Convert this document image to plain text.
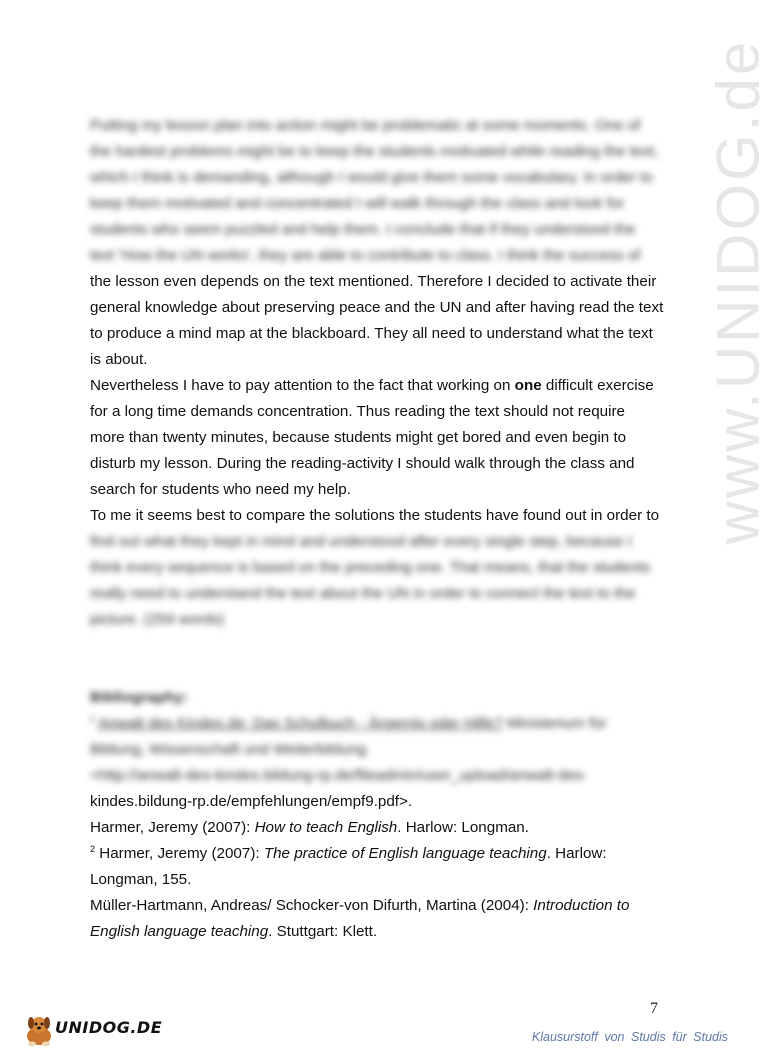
www.UNIDOG.de
Putting my lesson plan into action might be problematic at some moments. One of
the hardest problems might be to keep the students motivated while reading the text,
which I think is demanding, although I would give them some vocabulary. In order to
keep them motivated and concentrated I will walk through the class and look for
students who seem puzzled and help them. I conclude that if they understood the
text 'How the UN works', they are able to contribute to class. I think the success of
the lesson even depends on the text mentioned. Therefore I decided to activate their
general knowledge about preserving peace and the UN and after having read the text
to produce a mind map at the blackboard. They all need to understand what the text
is about.
Nevertheless I have to pay attention to the fact that working on one difficult exercise
for a long time demands concentration. Thus reading the text should not require
more than twenty minutes, because students might get bored and even begin to
disturb my lesson. During the reading-activity I should walk through the class and
search for students who need my help.
To me it seems best to compare the solutions the students have found out in order to
find out what they kept in mind and understood after every single step, because I
think every sequence is based on the preceding one. That means, that the students
really need to understand the text about the UN in order to connect the text to the
picture. (259 words)
Bibliography:
$^1$ Anwalt des Kindes.de: Das Schulbuch - Ärgernis oder Hilfe? Ministerium für
Bildung, Wissenschaft und Weiterbildung.
<http://anwalt-des-kindes.bildung-rp.de/fileadmin/user_upload/anwalt-des-
kindes.bildung-rp.de/empfehlungen/empf9.pdf>.
Harmer, Jeremy (2007): How to teach English. Harlow: Longman.
$^2$ Harmer, Jeremy (2007): The practice of English language teaching. Harlow:
Longman, 155.
Müller-Hartmann, Andreas/ Schocker-von Difurth, Martina (2004): Introduction to
English language teaching. Stuttgart: Klett.
7
UNIDOG.DE	Klausurstoff von Studis für Studis
